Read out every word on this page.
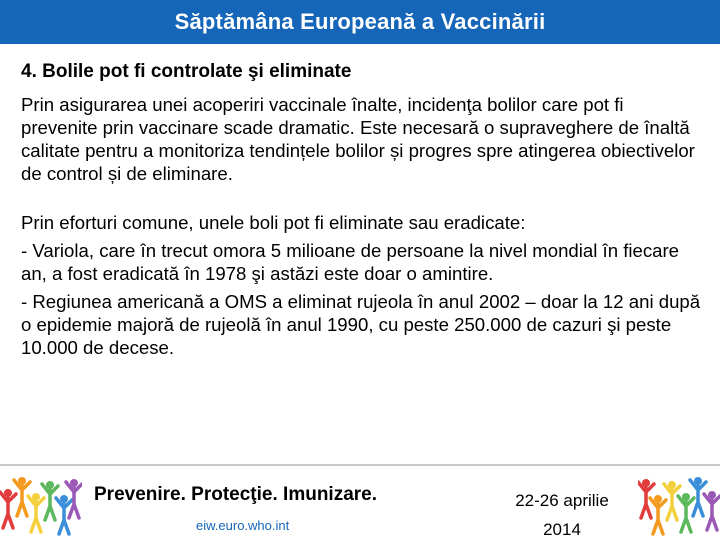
Săptămâna Europeană a Vaccinării
4. Bolile pot fi controlate şi eliminate

Prin asigurarea unei acoperiri vaccinale înalte, incidenţa bolilor care pot fi prevenite prin vaccinare scade dramatic. Este necesară o supraveghere de înaltă calitate pentru a monitoriza tendințele bolilor și progres spre atingerea obiectivelor de control și de eliminare.

Prin eforturi comune, unele boli pot fi eliminate sau eradicate:

- Variola, care în trecut omora 5 milioane de persoane la nivel mondial în fiecare an, a fost eradicată în 1978 şi astăzi este doar o amintire.

- Regiunea americană a OMS a eliminat rujeola în anul 2002 – doar la 12 ani după o epidemie majoră de rujeolă în anul 1990, cu peste 250.000 de cazuri şi peste 10.000 de decese.

Prevenire. Protecţie. Imunizare.
eiw.euro.who.int
22-26 aprilie
2014
